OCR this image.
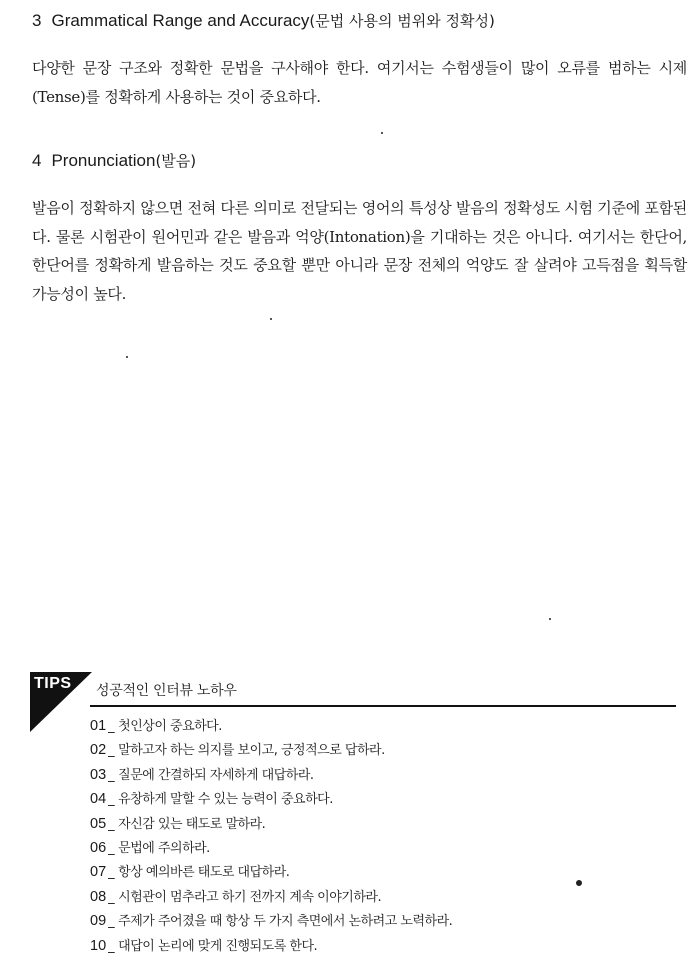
3 Grammatical Range and Accuracy(문법 사용의 범위와 정확성)

다양한 문장 구조와 정확한 문법을 구사해야 한다. 여기서는 수험생들이 많이 오류를 범하는 시제(Tense)를 정확하게 사용하는 것이 중요하다.

4 Pronunciation(발음)

발음이 정확하지 않으면 전혀 다른 의미로 전달되는 영어의 특성상 발음의 정확성도 시험 기준에 포함된다. 물론 시험관이 원어민과 같은 발음과 억양(Intonation)을 기대하는 것은 아니다. 여기서는 한단어, 한단어를 정확하게 발음하는 것도 중요할 뿐만 아니라 문장 전체의 억양도 잘 살려야 고득점을 획득할 가능성이 높다.

TIPS 성공적인 인터뷰 노하우
01 _ 첫인상이 중요하다.
02 _ 말하고자 하는 의지를 보이고, 긍정적으로 답하라.
03 _ 질문에 간결하되 자세하게 대답하라.
04 _ 유창하게 말할 수 있는 능력이 중요하다.
05 _ 자신감 있는 태도로 말하라.
06 _ 문법에 주의하라.
07 _ 항상 예의바른 태도로 대답하라.
08 _ 시험관이 멈추라고 하기 전까지 계속 이야기하라.
09 _ 주제가 주어졌을 때 항상 두 가지 측면에서 논하려고 노력하라.
10 _ 대답이 논리에 맞게 진행되도록 한다.
